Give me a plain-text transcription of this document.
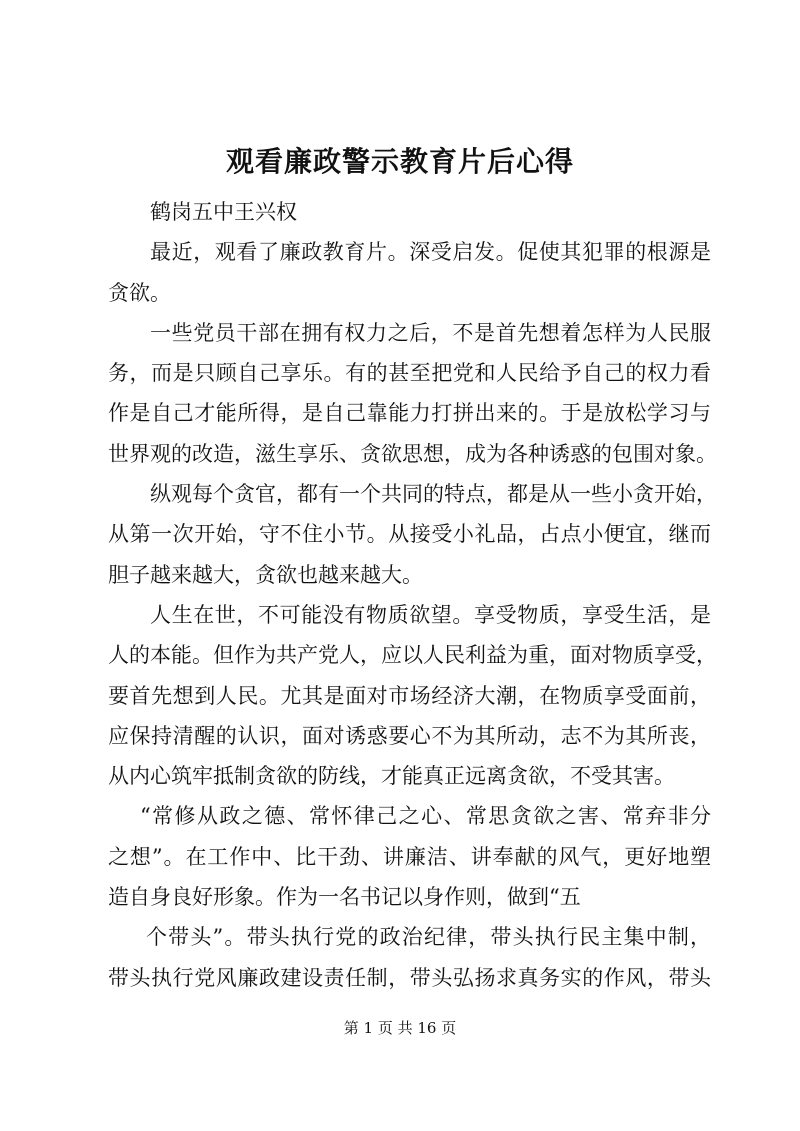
观看廉政警示教育片后心得
鹤岗五中王兴权
最近，观看了廉政教育片。深受启发。促使其犯罪的根源是
贪欲。
一些党员干部在拥有权力之后，不是首先想着怎样为人民服
务，而是只顾自己享乐。有的甚至把党和人民给予自己的权力看
作是自己才能所得，是自己靠能力打拼出来的。于是放松学习与
世界观的改造，滋生享乐、贪欲思想，成为各种诱惑的包围对象。
纵观每个贪官，都有一个共同的特点，都是从一些小贪开始，
从第一次开始，守不住小节。从接受小礼品，占点小便宜，继而
胆子越来越大，贪欲也越来越大。
人生在世，不可能没有物质欲望。享受物质，享受生活，是
人的本能。但作为共产党人，应以人民利益为重，面对物质享受，
要首先想到人民。尤其是面对市场经济大潮，在物质享受面前，
应保持清醒的认识，面对诱惑要心不为其所动，志不为其所丧，
从内心筑牢抵制贪欲的防线，才能真正远离贪欲，不受其害。
“常修从政之德、常怀律己之心、常思贪欲之害、常弃非分
之想”。在工作中、比干劲、讲廉洁、讲奉献的风气，更好地塑
造自身良好形象。作为一名书记以身作则，做到“五
个带头”。带头执行党的政治纪律，带头执行民主集中制，
带头执行党风廉政建设责任制，带头弘扬求真务实的作风，带头
第 1 页 共 16 页
